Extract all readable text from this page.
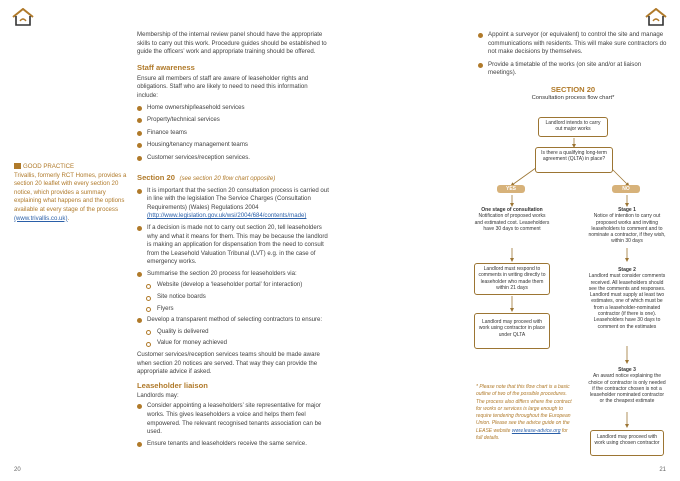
GOOD PRACTICE
Trivallis, formerly RCT Homes, provides a section 20 leaflet with every section 20 notice, which provides a summary explaining what happens and the options available at every stage of the process (www.trivallis.co.uk).
Membership of the internal review panel should have the appropriate skills to carry out this work. Procedure guides should be established to guide the officers’ work and appropriate training should be offered.
Staff awareness
Ensure all members of staff are aware of leaseholder rights and obligations. Staff who are likely to need to need this information include:
Home ownership/leasehold services
Property/technical services
Finance teams
Housing/tenancy management teams
Customer services/reception services.
Section 20 (see section 20 flow chart opposite)
It is important that the section 20 consultation process is carried out in line with the legislation The Service Charges (Consultation Requirements) (Wales) Regulations 2004
(http://www.legislation.gov.uk/wsi/2004/684/contents/made)
If a decision is made not to carry out section 20, tell leaseholders why and what it means for them. This may be because the landlord is making an application for dispensation from the need to consult from the Leasehold Valuation Tribunal (LVT) e.g. in the case of emergency works.
Summarise the section 20 process for leaseholders via:
Website (develop a ‘leaseholder portal’ for interaction)
Site notice boards
Flyers
Develop a transparent method of selecting contractors to ensure:
Quality is delivered
Value for money achieved
Customer services/reception services teams should be made aware when section 20 notices are served. That way they can provide the appropriate advice if asked.
Leaseholder liaison
Landlords may:
Consider appointing a leaseholders’ site representative for major works. This gives leaseholders a voice and helps them feel empowered. The relevant recognised tenants association can be used.
Ensure tenants and leaseholders receive the same service.
20
Appoint a surveyor (or equivalent) to control the site and manage communications with residents. This will make sure contractors do not make decisions by themselves.
Provide a timetable of the works (on site and/or at liaison meetings).
SECTION 20
Consultation process flow chart*
Landlord intends to carry out major works
Is there a qualifying long-term agreement (QLTA) in place?
YES	NO
One stage of consultation
Notification of proposed works and estimated cost. Leaseholders have 30 days to comment
Landlord must respond to comments in writing directly to leaseholder who made them within 21 days
Landlord may proceed with work using contractor in place under QLTA
Stage 1
Notice of intention to carry out proposed works and inviting leaseholders to comment and to nominate a contractor, if they wish, within 30 days
Stage 2
Landlord must consider comments received. All leaseholders should see the comments and responses. Landlord must supply at least two estimates, one of which must be from a leaseholder-nominated contractor (if there is one). Leaseholders have 30 days to comment on the estimates
Stage 3
An award notice explaining the choice of contractor is only needed if the contractor chosen is not a leaseholder nominated contractor or the cheapest estimate
Landlord may proceed with work using chosen contractor
* Please note that this flow chart is a basic outline of two of the possible procedures. The process also differs where the contract for works or services is large enough to require tendering throughout the European Union. Please see the advice guide on the LEASE website www.lease-advice.org for full details.
21
